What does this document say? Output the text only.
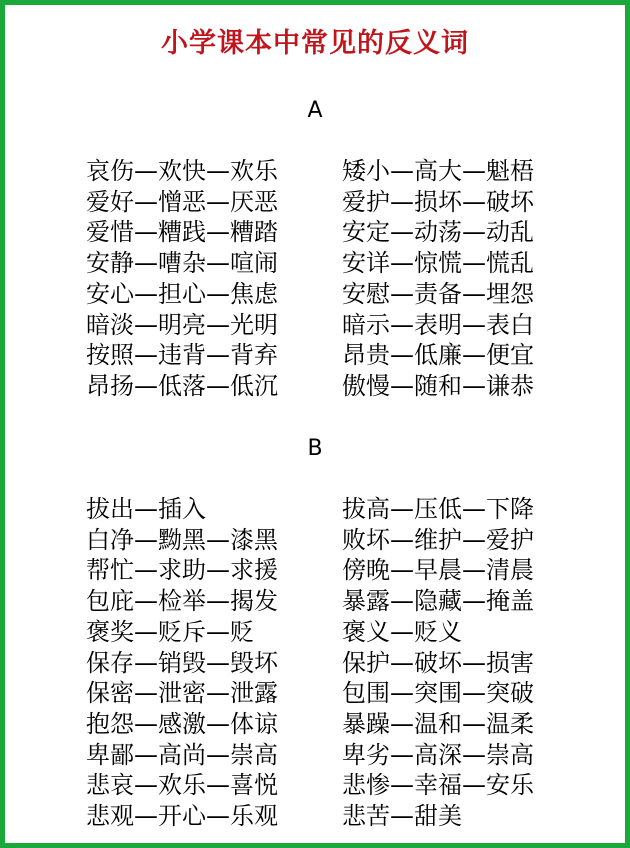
小学课本中常见的反义词
A
哀伤—欢快—欢乐
爱好—憎恶—厌恶
爱惜—糟践—糟踏
安静—嘈杂—喧闹
安心—担心—焦虑
暗淡—明亮—光明
按照—违背—背弃
昂扬—低落—低沉
矮小—高大—魁梧
爱护—损坏—破坏
安定—动荡—动乱
安详—惊慌—慌乱
安慰—责备—埋怨
暗示—表明—表白
昂贵—低廉—便宜
傲慢—随和—谦恭
B
拔出—插入
白净—黝黑—漆黑
帮忙—求助—求援
包庇—检举—揭发
褒奖—贬斥—贬
保存—销毁—毁坏
保密—泄密—泄露
抱怨—感激—体谅
卑鄙—高尚—崇高
悲哀—欢乐—喜悦
悲观—开心—乐观
拔高—压低—下降
败坏—维护—爱护
傍晚—早晨—清晨
暴露—隐藏—掩盖
褒义—贬义
保护—破坏—损害
包围—突围—突破
暴躁—温和—温柔
卑劣—高深—崇高
悲惨—幸福—安乐
悲苦—甜美
